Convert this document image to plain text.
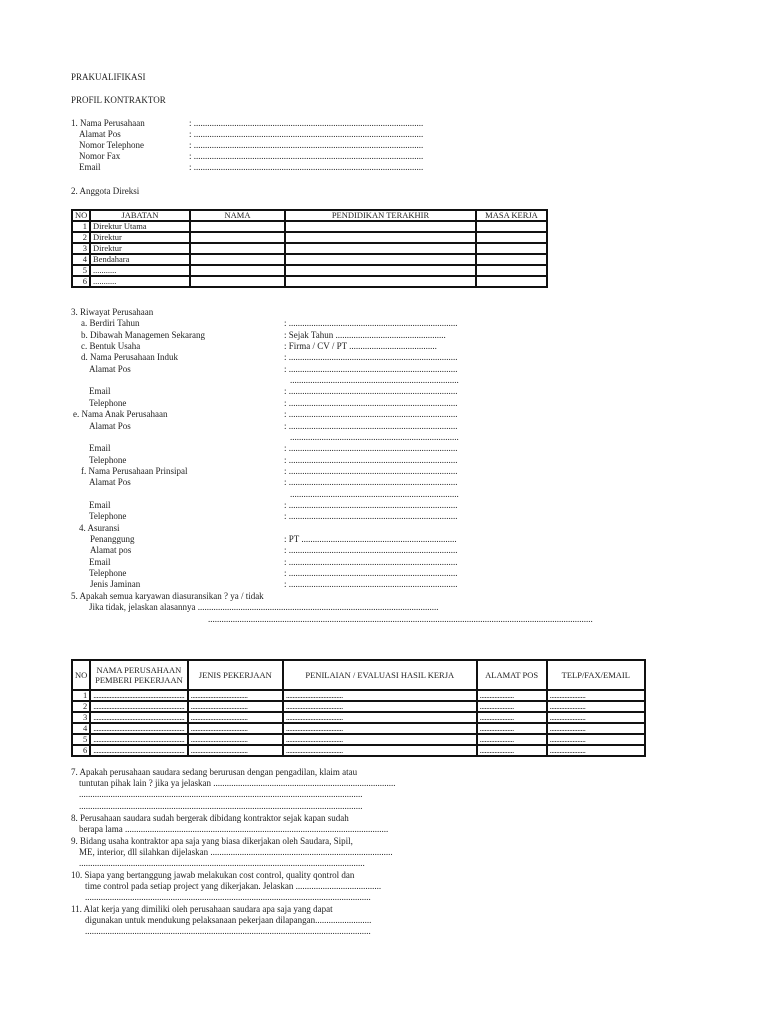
PRAKUALIFIKASI
PROFIL KONTRAKTOR
1. Nama Perusahaan	: ......................................................................................................
Alamat Pos	: ......................................................................................................
Nomor Telephone	: ......................................................................................................
Nomor Fax	: ......................................................................................................
Email	: ......................................................................................................
2. Anggota Direksi
NO	JABATAN	NAMA	PENDIDIKAN TERAKHIR	MASA KERJA
1	Direktur Utama			
2	Direktur			
3	Direktur			
4	Bendahara			
5	...........			
6	...........			
3. Riwayat Perusahaan
a. Berdiri Tahun	: ...........................................................................
b. Dibawah Managemen Sekarang	: Sejak Tahun .................................................
c. Bentuk Usaha	: Firma / CV / PT .......................................
d. Nama Perusahaan Induk	: ...........................................................................
Alamat Pos	: ...........................................................................
...........................................................................
Email	: ...........................................................................
Telephone	: ...........................................................................
e. Nama Anak Perusahaan	: ...........................................................................
Alamat Pos	: ...........................................................................
...........................................................................
Email	: ...........................................................................
Telephone	: ...........................................................................
f. Nama Perusahaan Prinsipal	: ...........................................................................
Alamat Pos	: ...........................................................................
...........................................................................
Email	: ...........................................................................
Telephone	: ...........................................................................
4. Asuransi
Penanggung	: PT .....................................................................
Alamat pos	: ...........................................................................
Email	: ...........................................................................
Telephone	: ...........................................................................
Jenis Jaminan	: ...........................................................................
5. Apakah semua karyawan diasuransikan ? ya / tidak
Jika tidak, jelaskan alasannya ...........................................................................................................
...........................................................................................................................................................................
NO	NAMA PERUSAHAAN PEMBERI PEKERJAAN	JENIS PEKERJAAN	PENILAIAN / EVALUASI HASIL KERJA	ALAMAT POS	TELP/FAX/EMAIL
1	........................................................	...................................	...................................	.....................	......................
2	........................................................	...................................	...................................	.....................	......................
3	........................................................	...................................	...................................	.....................	......................
4	........................................................	...................................	...................................	.....................	......................
5	........................................................	...................................	...................................	.....................	......................
6	........................................................	...................................	...................................	.....................	......................
7. Apakah perusahaan saudara sedang berurusan dengan pengadilan, klaim atau
tuntutan pihak lain ? jika ya jelaskan .................................................................................
..............................................................................................................................
..............................................................................................................................
8. Perusahaan saudara sudah bergerak dibidang kontraktor sejak kapan sudah
berapa lama .....................................................................................................................
9. Bidang usaha kontraktor apa saja yang biasa dikerjakan oleh Saudara, Sipil,
ME, interior, dll silahkan dijelaskan .................................................................................
...............................................................................................................................
10. Siapa yang bertanggung jawab melakukan cost control, quality qontrol dan
time control pada setiap project yang dikerjakan. Jelaskan ......................................
...............................................................................................................................
11. Alat kerja yang dimiliki oleh perusahaan saudara apa saja yang dapat
digunakan untuk mendukung pelaksanaan pekerjaan dilapangan.........................
...............................................................................................................................
